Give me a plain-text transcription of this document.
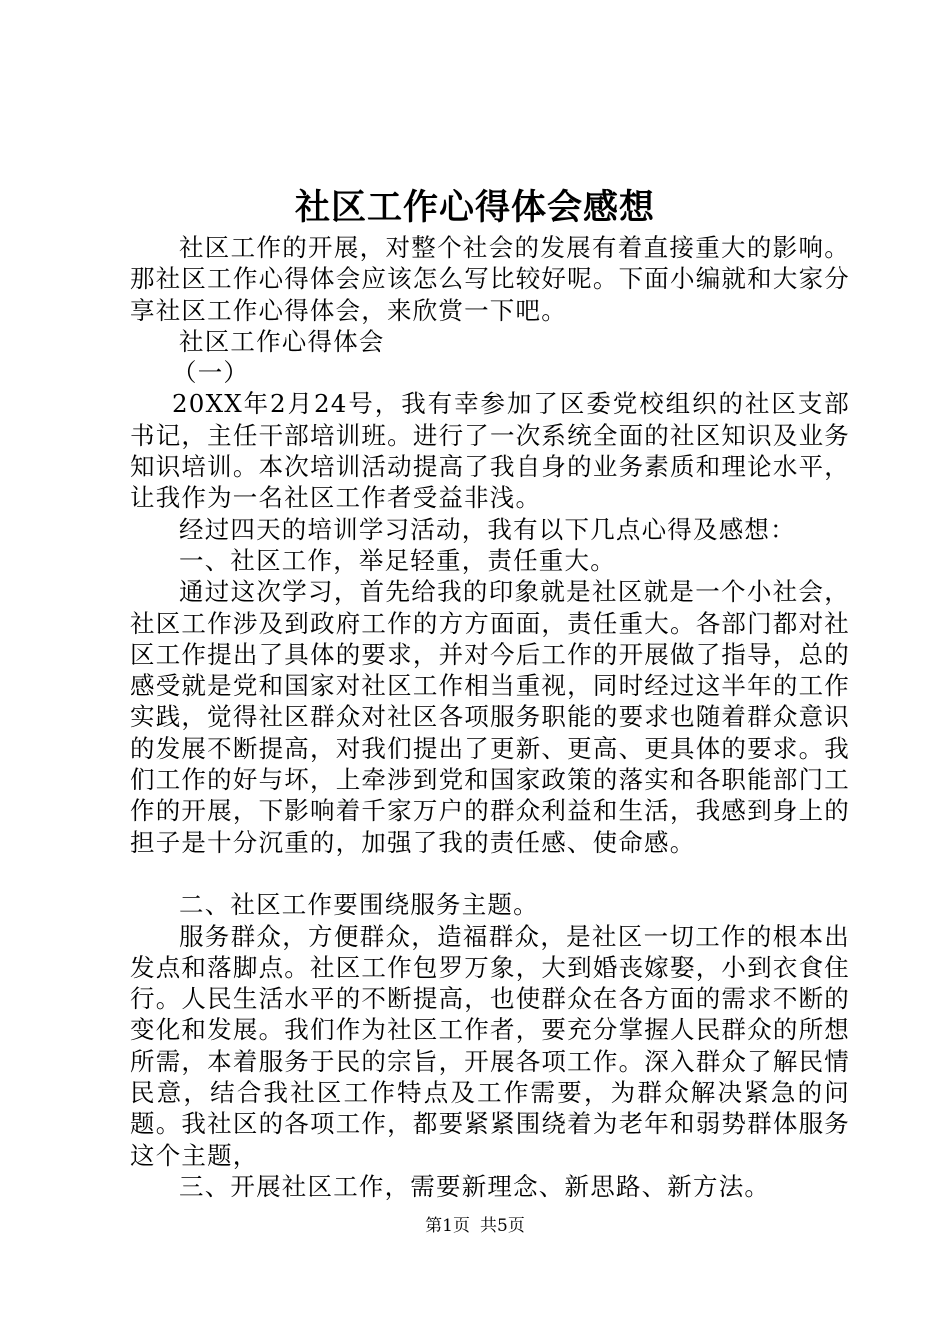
社区工作心得体会感想

社区工作的开展，对整个社会的发展有着直接重大的影响。那社区工作心得体会应该怎么写比较好呢。下面小编就和大家分享社区工作心得体会，来欣赏一下吧。

社区工作心得体会

（一）

20XX年2月24号，我有幸参加了区委党校组织的社区支部书记，主任干部培训班。进行了一次系统全面的社区知识及业务知识培训。本次培训活动提高了我自身的业务素质和理论水平，让我作为一名社区工作者受益非浅。

经过四天的培训学习活动，我有以下几点心得及感想：

一、社区工作，举足轻重，责任重大。

通过这次学习，首先给我的印象就是社区就是一个小社会，社区工作涉及到政府工作的方方面面，责任重大。各部门都对社区工作提出了具体的要求，并对今后工作的开展做了指导，总的感受就是党和国家对社区工作相当重视，同时经过这半年的工作实践，觉得社区群众对社区各项服务职能的要求也随着群众意识的发展不断提高，对我们提出了更新、更高、更具体的要求。我们工作的好与坏，上牵涉到党和国家政策的落实和各职能部门工作的开展，下影响着千家万户的群众利益和生活，我感到身上的担子是十分沉重的，加强了我的责任感、使命感。

二、社区工作要围绕服务主题。

服务群众，方便群众，造福群众，是社区一切工作的根本出发点和落脚点。社区工作包罗万象，大到婚丧嫁娶，小到衣食住行。人民生活水平的不断提高，也使群众在各方面的需求不断的变化和发展。我们作为社区工作者，要充分掌握人民群众的所想所需，本着服务于民的宗旨，开展各项工作。深入群众了解民情民意，结合我社区工作特点及工作需要，为群众解决紧急的问题。我社区的各项工作，都要紧紧围绕着为老年和弱势群体服务这个主题，

三、开展社区工作，需要新理念、新思路、新方法。

第1页 共5页
